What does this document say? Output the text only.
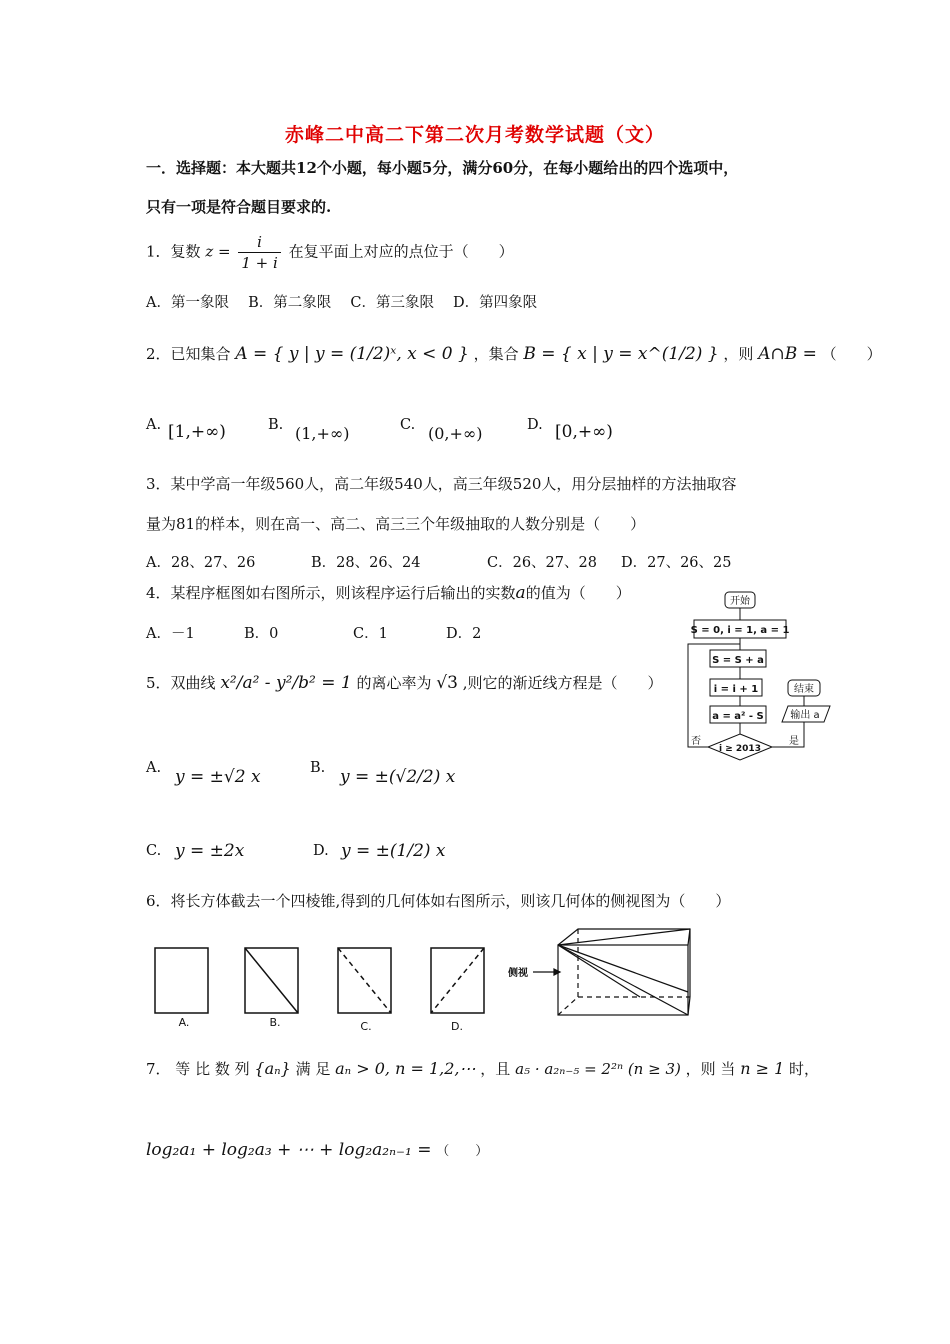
赤峰二中高二下第二次月考数学试题（文）
一．选择题：本大题共12个小题，每小题5分，满分60分，在每小题给出的四个选项中，
只有一项是符合题目要求的.
1．复数 $z = \frac{i}{1 + i}$ 在复平面上对应的点位于（　　）
A．第一象限　 B．第二象限　 C．第三象限　 D．第四象限
2．已知集合 A = { y | y = (1/2)ˣ, x < 0 } ，集合 B = { x | y = x^(1/2) } ，则 A∩B = （　　）
A. [1,+∞)	B. (1,+∞)	C. (0,+∞)	D. [0,+∞)
3．某中学高一年级560人，高二年级540人，高三年级520人，用分层抽样的方法抽取容
量为81的样本，则在高一、高二、高三三个年级抽取的人数分别是（　　）
A．28、27、26	B．28、26、24	C．26、27、28 D．27、26、25
4．某程序框图如右图所示，则该程序运行后输出的实数a的值为（　　）
A．－1	B．0	C．1	D．2
开始
S = 0, i = 1, a = 1
S = S + a
i = i + 1
a = a² - S
i ≥ 2013
否	是
输出 a
结束
5．双曲线 x²/a² - y²/b² = 1 的离心率为 √3 ,则它的渐近线方程是（　　）
A. y = ±√2 x	B. y = ±(√2/2) x
C. y = ±2x	D. y = ±(1/2) x
6．将长方体截去一个四棱锥,得到的几何体如右图所示，则该几何体的侧视图为（　　）
A.	B.	C.	D.
侧视
7． 等 比 数 列 {aₙ} 满 足 aₙ > 0, n = 1,2,⋯ ，且 a₅ · a₂ₙ₋₅ = 2²ⁿ (n ≥ 3) ，则 当 n ≥ 1 时，
log₂a₁ + log₂a₃ + ⋯ + log₂a₂ₙ₋₁ = （　　）
